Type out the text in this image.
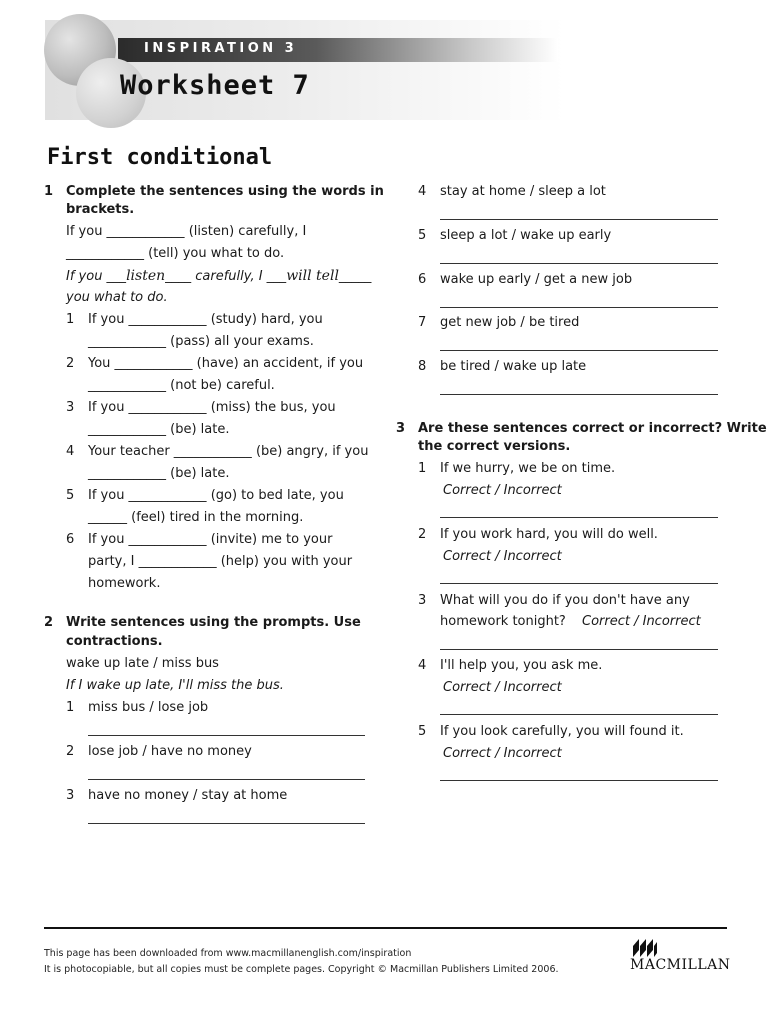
INSPIRATION 3
Worksheet 7
First conditional
1 Complete the sentences using the words in
brackets.
If you ____________ (listen) carefully, I
____________ (tell) you what to do.
If you ___listen____ carefully, I ___will tell_____
you what to do.
1 If you ____________ (study) hard, you
____________ (pass) all your exams.
2 You ____________ (have) an accident, if you
____________ (not be) careful.
3 If you ____________ (miss) the bus, you
____________ (be) late.
4 Your teacher ____________ (be) angry, if you
____________ (be) late.
5 If you ____________ (go) to bed late, you
______ (feel) tired in the morning.
6 If you ____________ (invite) me to your
party, I ____________ (help) you with your
homework.
2 Write sentences using the prompts. Use
contractions.
wake up late / miss bus
If I wake up late, I'll miss the bus.
1 miss bus / lose job
2 lose job / have no money
3 have no money / stay at home
4 stay at home / sleep a lot
5 sleep a lot / wake up early
6 wake up early / get a new job
7 get new job / be tired
8 be tired / wake up late
3 Are these sentences correct or incorrect? Write
the correct versions.
1 If we hurry, we be on time.
Correct / Incorrect
2 If you work hard, you will do well.
Correct / Incorrect
3 What will you do if you don't have any
homework tonight? Correct / Incorrect
4 I'll help you, you ask me.
Correct / Incorrect
5 If you look carefully, you will found it.
Correct / Incorrect
This page has been downloaded from www.macmillanenglish.com/inspiration
It is photocopiable, but all copies must be complete pages. Copyright © Macmillan Publishers Limited 2006.	MACMILLAN
